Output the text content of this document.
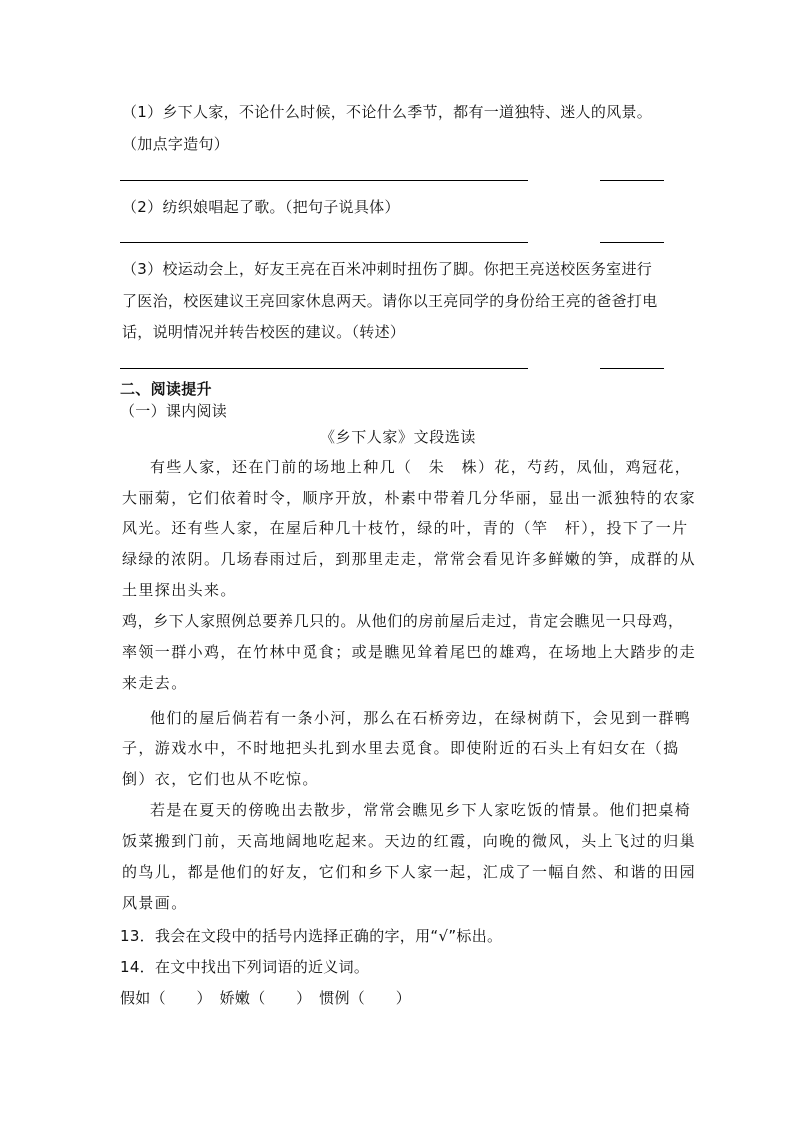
（1）乡下人家，不论什么时候，不论什么季节，都有一道独特、迷人的风景。
（加点字造句）
（2）纺织娘唱起了歌。（把句子说具体）
（3）校运动会上，好友王亮在百米冲刺时扭伤了脚。你把王亮送校医务室进行
了医治，校医建议王亮回家休息两天。请你以王亮同学的身份给王亮的爸爸打电
话，说明情况并转告校医的建议。（转述）
二、阅读提升
（一）课内阅读
《乡下人家》文段选读
有些人家，还在门前的场地上种几（　朱　株）花，芍药，凤仙，鸡冠花，
大丽菊，它们依着时令，顺序开放，朴素中带着几分华丽，显出一派独特的农家
风光。还有些人家，在屋后种几十枝竹，绿的叶，青的（竿　杆），投下了一片
绿绿的浓阴。几场春雨过后，到那里走走，常常会看见许多鲜嫩的笋，成群的从
土里探出头来。
鸡，乡下人家照例总要养几只的。从他们的房前屋后走过，肯定会瞧见一只母鸡，
率领一群小鸡，在竹林中觅食；或是瞧见耸着尾巴的雄鸡，在场地上大踏步的走
来走去。
他们的屋后倘若有一条小河，那么在石桥旁边，在绿树荫下，会见到一群鸭
子，游戏水中，不时地把头扎到水里去觅食。即使附近的石头上有妇女在（捣
倒）衣，它们也从不吃惊。
若是在夏天的傍晚出去散步，常常会瞧见乡下人家吃饭的情景。他们把桌椅
饭菜搬到门前，天高地阔地吃起来。天边的红霞，向晚的微风，头上飞过的归巢
的鸟儿，都是他们的好友，它们和乡下人家一起，汇成了一幅自然、和谐的田园
风景画。
13．我会在文段中的括号内选择正确的字，用“√”标出。
14．在文中找出下列词语的近义词。
假如（　　）　娇嫩（　　）　惯例（　　）
